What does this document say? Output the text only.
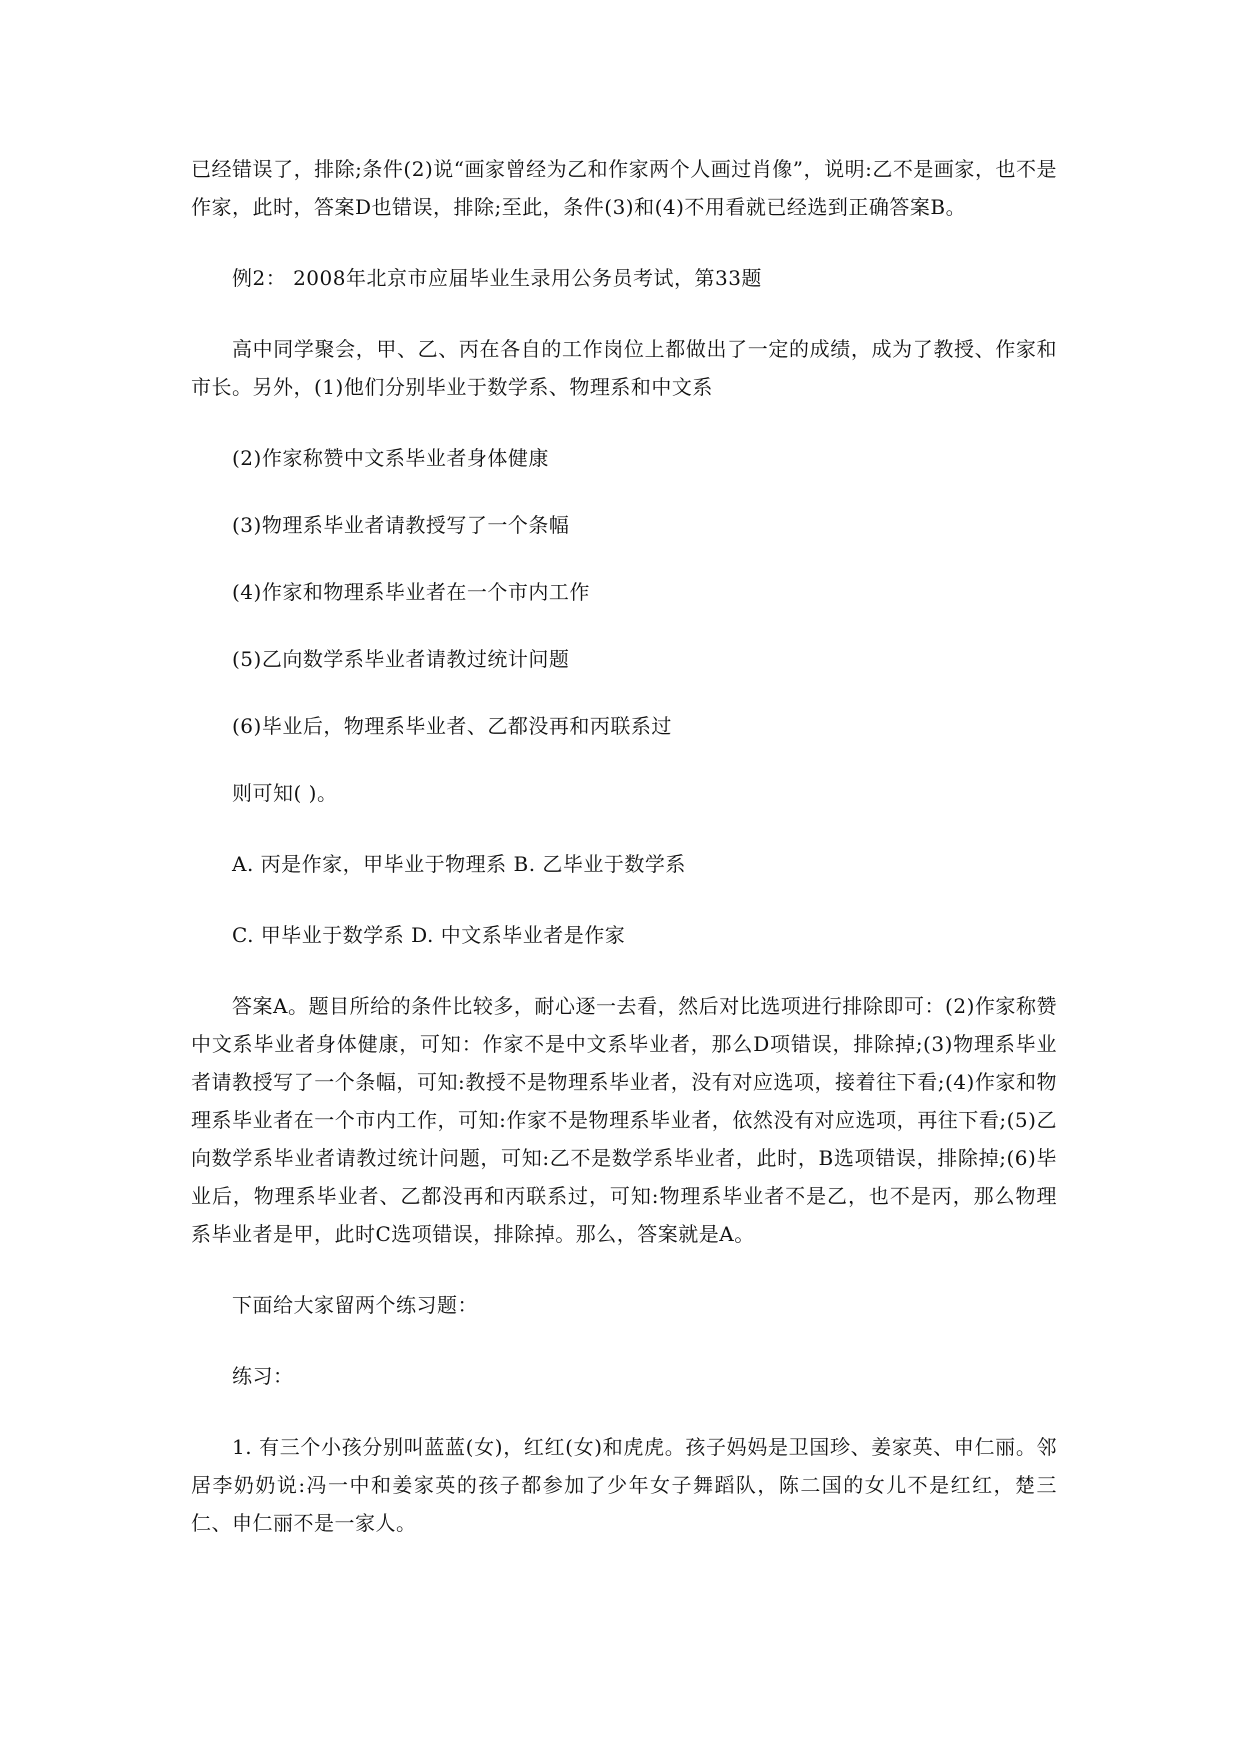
已经错误了，排除;条件(2)说“画家曾经为乙和作家两个人画过肖像”，说明:乙不是画家，也不是作家，此时，答案D也错误，排除;至此，条件(3)和(4)不用看就已经选到正确答案B。

例2： 2008年北京市应届毕业生录用公务员考试，第33题

高中同学聚会，甲、乙、丙在各自的工作岗位上都做出了一定的成绩，成为了教授、作家和市长。另外，(1)他们分别毕业于数学系、物理系和中文系

(2)作家称赞中文系毕业者身体健康

(3)物理系毕业者请教授写了一个条幅

(4)作家和物理系毕业者在一个市内工作

(5)乙向数学系毕业者请教过统计问题

(6)毕业后，物理系毕业者、乙都没再和丙联系过

则可知( )。

A. 丙是作家，甲毕业于物理系 B. 乙毕业于数学系

C. 甲毕业于数学系 D. 中文系毕业者是作家

答案A。题目所给的条件比较多，耐心逐一去看，然后对比选项进行排除即可：(2)作家称赞中文系毕业者身体健康，可知：作家不是中文系毕业者，那么D项错误，排除掉;(3)物理系毕业者请教授写了一个条幅，可知:教授不是物理系毕业者，没有对应选项，接着往下看;(4)作家和物理系毕业者在一个市内工作，可知:作家不是物理系毕业者，依然没有对应选项，再往下看;(5)乙向数学系毕业者请教过统计问题，可知:乙不是数学系毕业者，此时，B选项错误，排除掉;(6)毕业后，物理系毕业者、乙都没再和丙联系过，可知:物理系毕业者不是乙，也不是丙，那么物理系毕业者是甲，此时C选项错误，排除掉。那么，答案就是A。

下面给大家留两个练习题：

练习：

1. 有三个小孩分别叫蓝蓝(女)，红红(女)和虎虎。孩子妈妈是卫国珍、姜家英、申仁丽。邻居李奶奶说:冯一中和姜家英的孩子都参加了少年女子舞蹈队，陈二国的女儿不是红红，楚三仁、申仁丽不是一家人。
